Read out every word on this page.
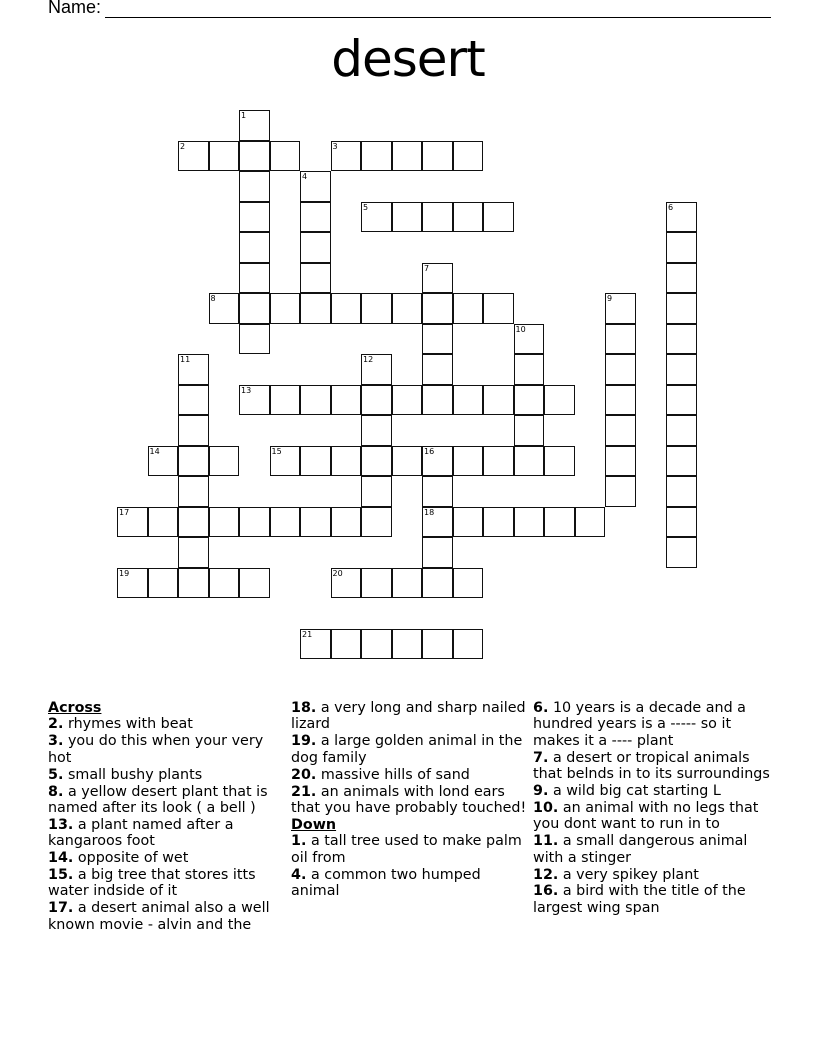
Name:
desert
1
2	3
4
5	6
7
8	9
10
11	12
13
14	15	16
18
17
19	20
21
Across
2. rhymes with beat
3. you do this when your very hot
5. small bushy plants
8. a yellow desert plant that is named after its look ( a bell )
13. a plant named after a kangaroos foot
14. opposite of wet
15. a big tree that stores itts water indside of it
17. a desert animal also a well known movie - alvin and the
18. a very long and sharp nailed lizard
19. a large golden animal in the dog family
20. massive hills of sand
21. an animals with lond ears that you have probably touched!
Down
1. a tall tree used to make palm oil from
4. a common two humped animal
6. 10 years is a decade and a hundred years is a ----- so it makes it a ---- plant
7. a desert or tropical animals that belnds in to its surroundings
9. a wild big cat starting L
10. an animal with no legs that you dont want to run in to
11. a small dangerous animal with a stinger
12. a very spikey plant
16. a bird with the title of the largest wing span
